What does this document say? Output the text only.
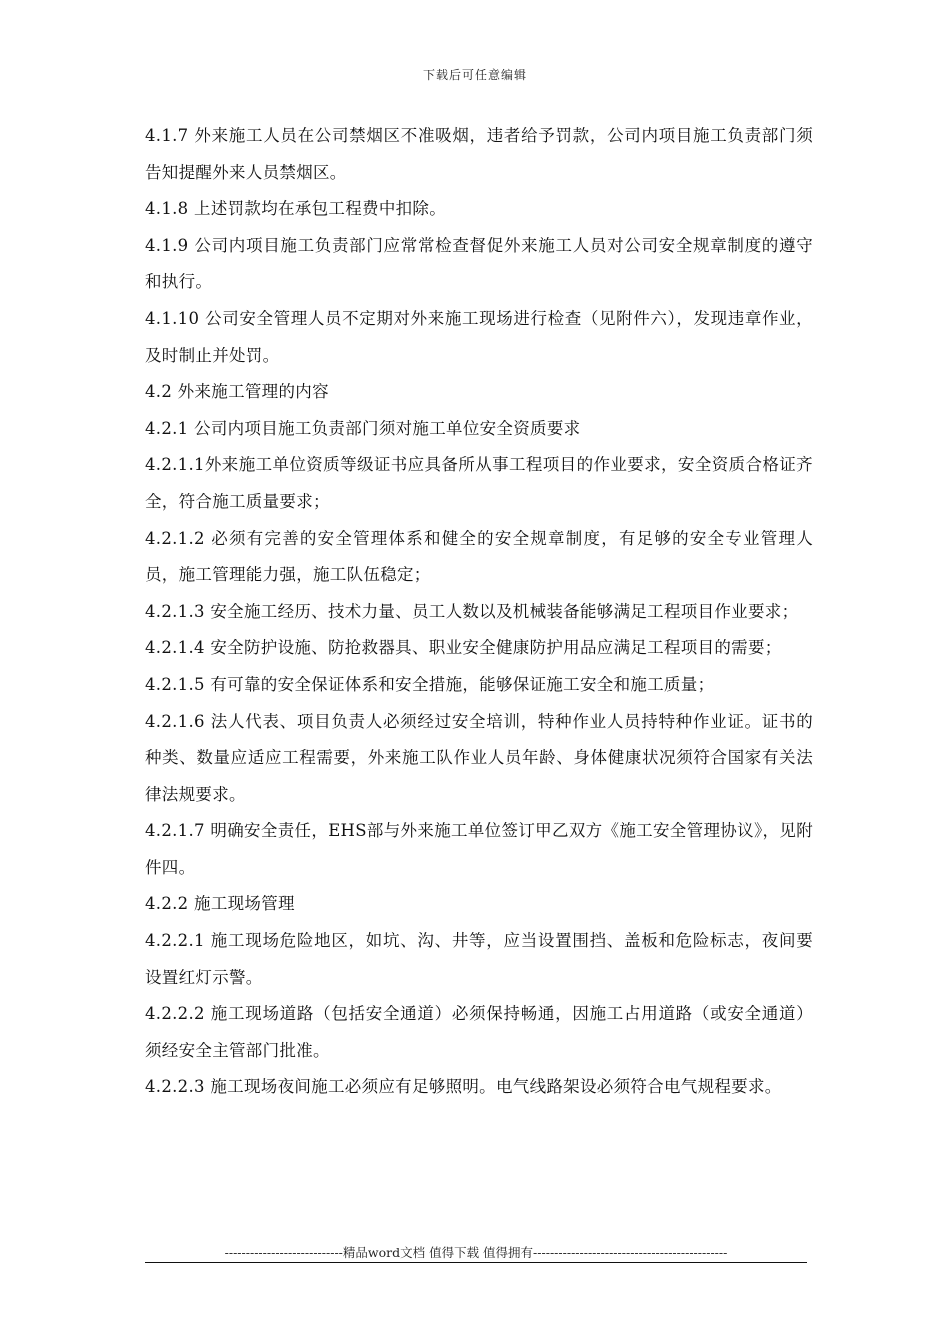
下载后可任意编辑

4.1.7 外来施工人员在公司禁烟区不准吸烟，违者给予罚款，公司内项目施工负责部门须告知提醒外来人员禁烟区。

4.1.8 上述罚款均在承包工程费中扣除。

4.1.9 公司内项目施工负责部门应常常检查督促外来施工人员对公司安全规章制度的遵守和执行。

4.1.10 公司安全管理人员不定期对外来施工现场进行检查（见附件六），发现违章作业，及时制止并处罚。

4.2 外来施工管理的内容

4.2.1 公司内项目施工负责部门须对施工单位安全资质要求

4.2.1.1外来施工单位资质等级证书应具备所从事工程项目的作业要求，安全资质合格证齐全，符合施工质量要求；

4.2.1.2 必须有完善的安全管理体系和健全的安全规章制度，有足够的安全专业管理人员，施工管理能力强，施工队伍稳定；

4.2.1.3 安全施工经历、技术力量、员工人数以及机械装备能够满足工程项目作业要求；

4.2.1.4 安全防护设施、防抢救器具、职业安全健康防护用品应满足工程项目的需要；

4.2.1.5 有可靠的安全保证体系和安全措施，能够保证施工安全和施工质量；

4.2.1.6 法人代表、项目负责人必须经过安全培训，特种作业人员持特种作业证。证书的种类、数量应适应工程需要，外来施工队作业人员年龄、身体健康状况须符合国家有关法律法规要求。

4.2.1.7 明确安全责任，EHS部与外来施工单位签订甲乙双方《施工安全管理协议》，见附件四。

4.2.2 施工现场管理

4.2.2.1 施工现场危险地区，如坑、沟、井等，应当设置围挡、盖板和危险标志，夜间要设置红灯示警。

4.2.2.2 施工现场道路（包括安全通道）必须保持畅通，因施工占用道路（或安全通道）须经安全主管部门批准。

4.2.2.3 施工现场夜间施工必须应有足够照明。电气线路架设必须符合电气规程要求。

----------------------------精品word文档 值得下载 值得拥有----------------------------------------------
